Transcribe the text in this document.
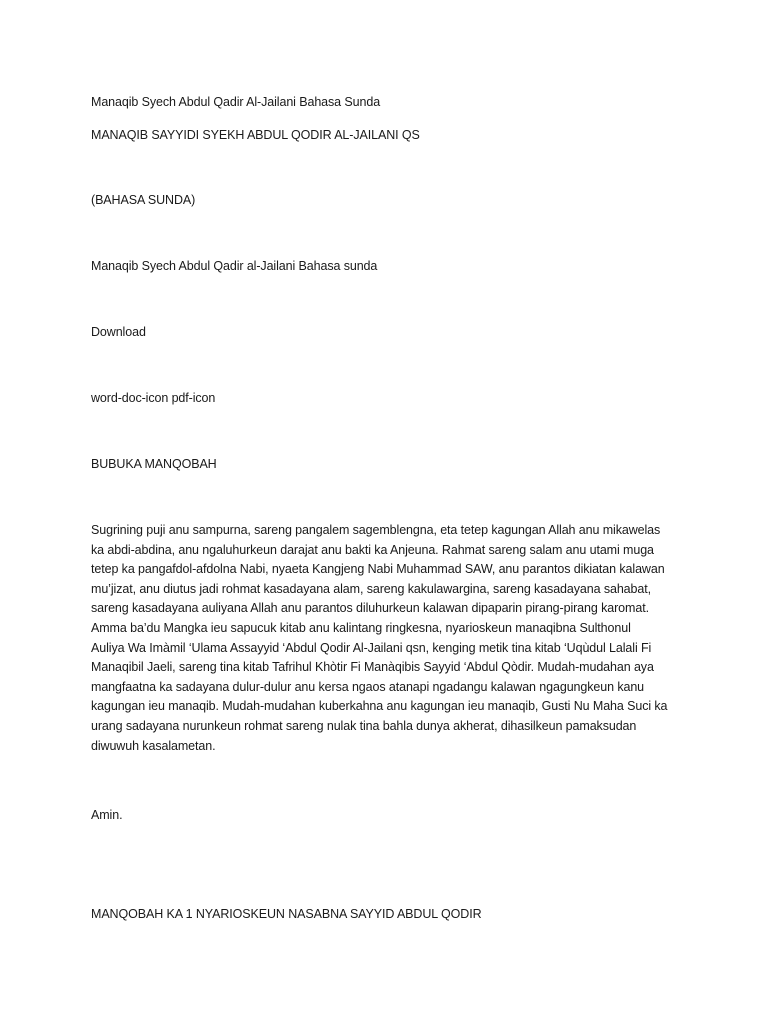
Manaqib Syech Abdul Qadir Al-Jailani Bahasa Sunda

MANAQIB SAYYIDI SYEKH ABDUL QODIR AL-JAILANI QS

(BAHASA SUNDA)

Manaqib Syech Abdul Qadir al-Jailani Bahasa sunda

Download

word-doc-icon pdf-icon

BUBUKA MANQOBAH

Sugrining puji anu sampurna, sareng pangalem sagemblengna, eta tetep kagungan Allah anu mikawelas
ka abdi-abdina, anu ngaluhurkeun darajat anu bakti ka Anjeuna. Rahmat sareng salam anu utami muga
tetep ka pangafdol-afdolna Nabi, nyaeta Kangjeng Nabi Muhammad SAW, anu parantos dikiatan kalawan
mu’jizat, anu diutus jadi rohmat kasadayana alam, sareng kakulawargina, sareng kasadayana sahabat,
sareng kasadayana auliyana Allah anu parantos diluhurkeun kalawan dipaparin pirang-pirang karomat.
Amma ba’du Mangka ieu sapucuk kitab anu kalintang ringkesna, nyarioskeun manaqibna Sulthonul
Auliya Wa Imàmil ‘Ulama Assayyid ‘Abdul Qodir Al-Jailani qsn, kenging metik tina kitab ‘Uqùdul Lalali Fi
Manaqibil Jaeli, sareng tina kitab Tafrihul Khòtir Fi Manàqibis Sayyid ‘Abdul Qòdir. Mudah-mudahan aya
mangfaatna ka sadayana dulur-dulur anu kersa ngaos atanapi ngadangu kalawan ngagungkeun kanu
kagungan ieu manaqib. Mudah-mudahan kuberkahna anu kagungan ieu manaqib, Gusti Nu Maha Suci ka
urang sadayana nurunkeun rohmat sareng nulak tina bahla dunya akherat, dihasilkeun pamaksudan
diwuwuh kasalametan.

Amin.

MANQOBAH KA 1 NYARIOSKEUN NASABNA SAYYID ABDUL QODIR
